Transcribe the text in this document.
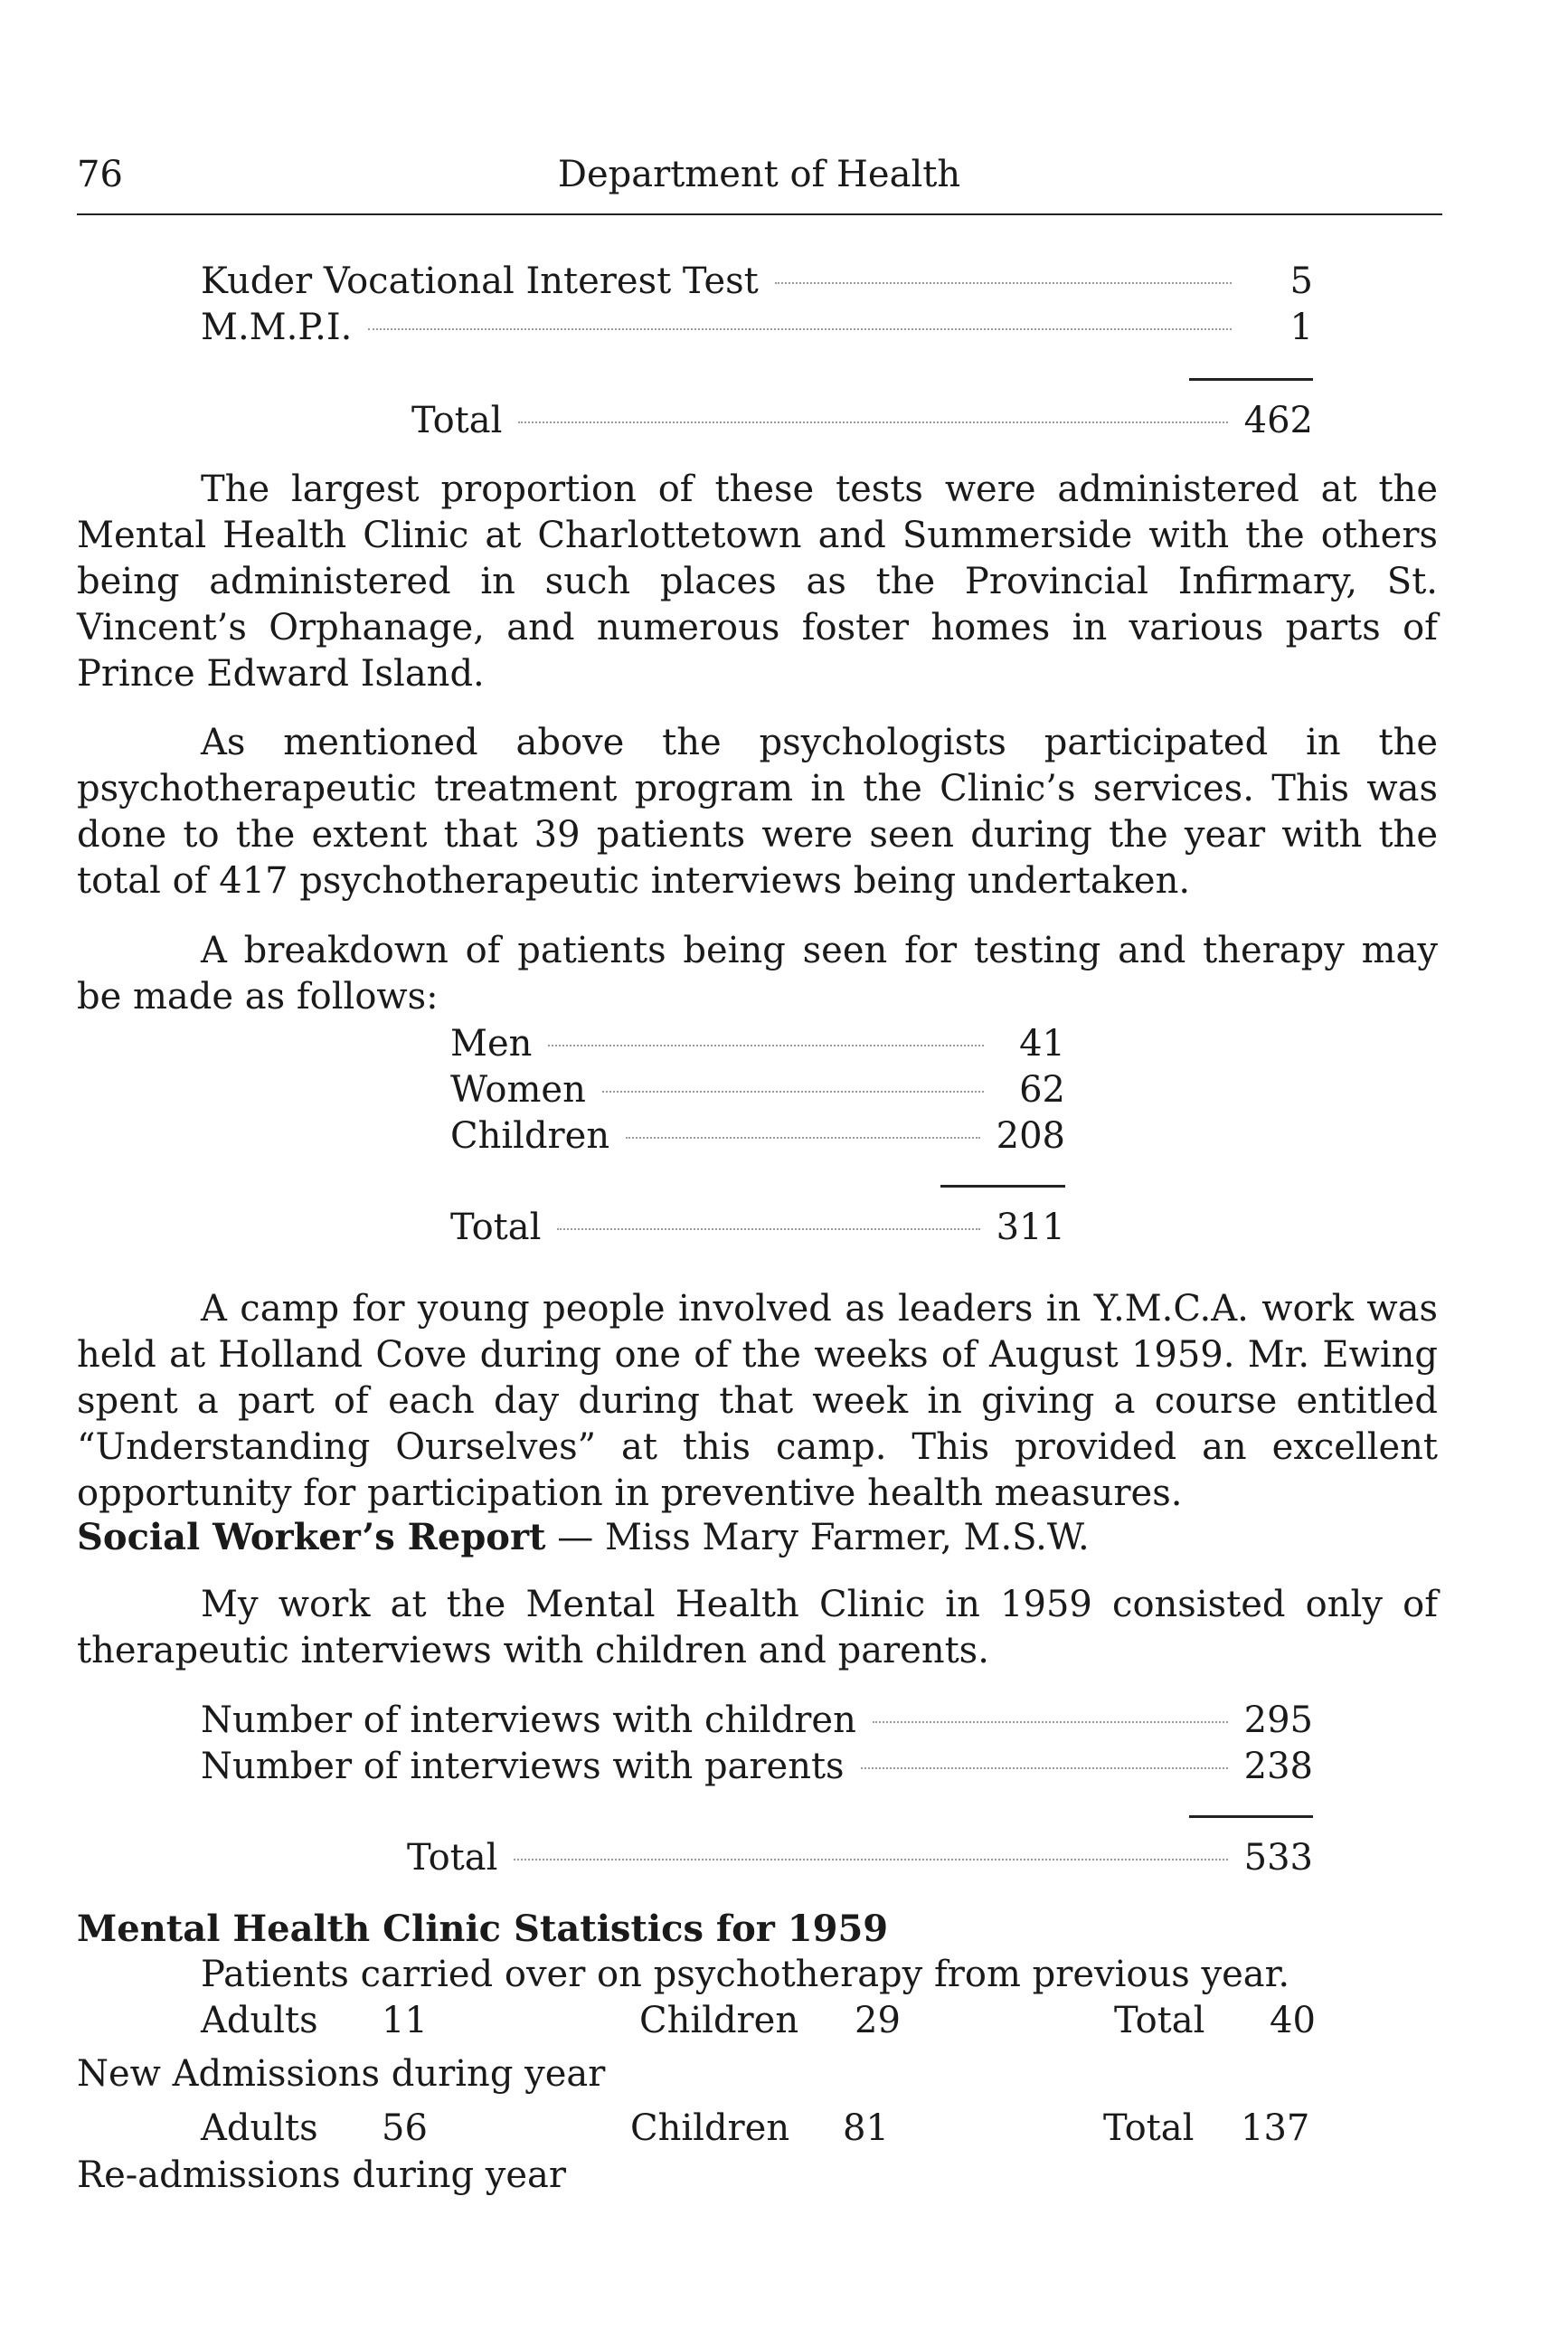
76	Department of Health
Kuder Vocational Interest Test	5
M.M.P.I.	1
Total	462

The largest proportion of these tests were administered at the Mental Health Clinic at Charlottetown and Summerside with the others being administered in such places as the Provincial Infirmary, St. Vincent’s Orphanage, and numerous foster homes in various parts of Prince Edward Island.

As mentioned above the psychologists participated in the psychotherapeutic treatment program in the Clinic’s services. This was done to the extent that 39 patients were seen during the year with the total of 417 psychotherapeutic interviews being undertaken.

A breakdown of patients being seen for testing and therapy may be made as follows:

Men	41
Women	62
Children	208
Total	311

A camp for young people involved as leaders in Y.M.C.A. work was held at Holland Cove during one of the weeks of August 1959. Mr. Ewing spent a part of each day during that week in giving a course entitled “Understanding Ourselves” at this camp. This provided an excellent opportunity for participation in preventive health measures.

Social Worker’s Report — Miss Mary Farmer, M.S.W.

My work at the Mental Health Clinic in 1959 consisted only of therapeutic interviews with children and parents.

Number of interviews with children	295
Number of interviews with parents	238
Total	533
Mental Health Clinic Statistics for 1959
Patients carried over on psychotherapy from previous year.
Adults 11	Children 29	Total 40
New Admissions during year
Adults 56	Children 81	Total 137
Re-admissions during year
